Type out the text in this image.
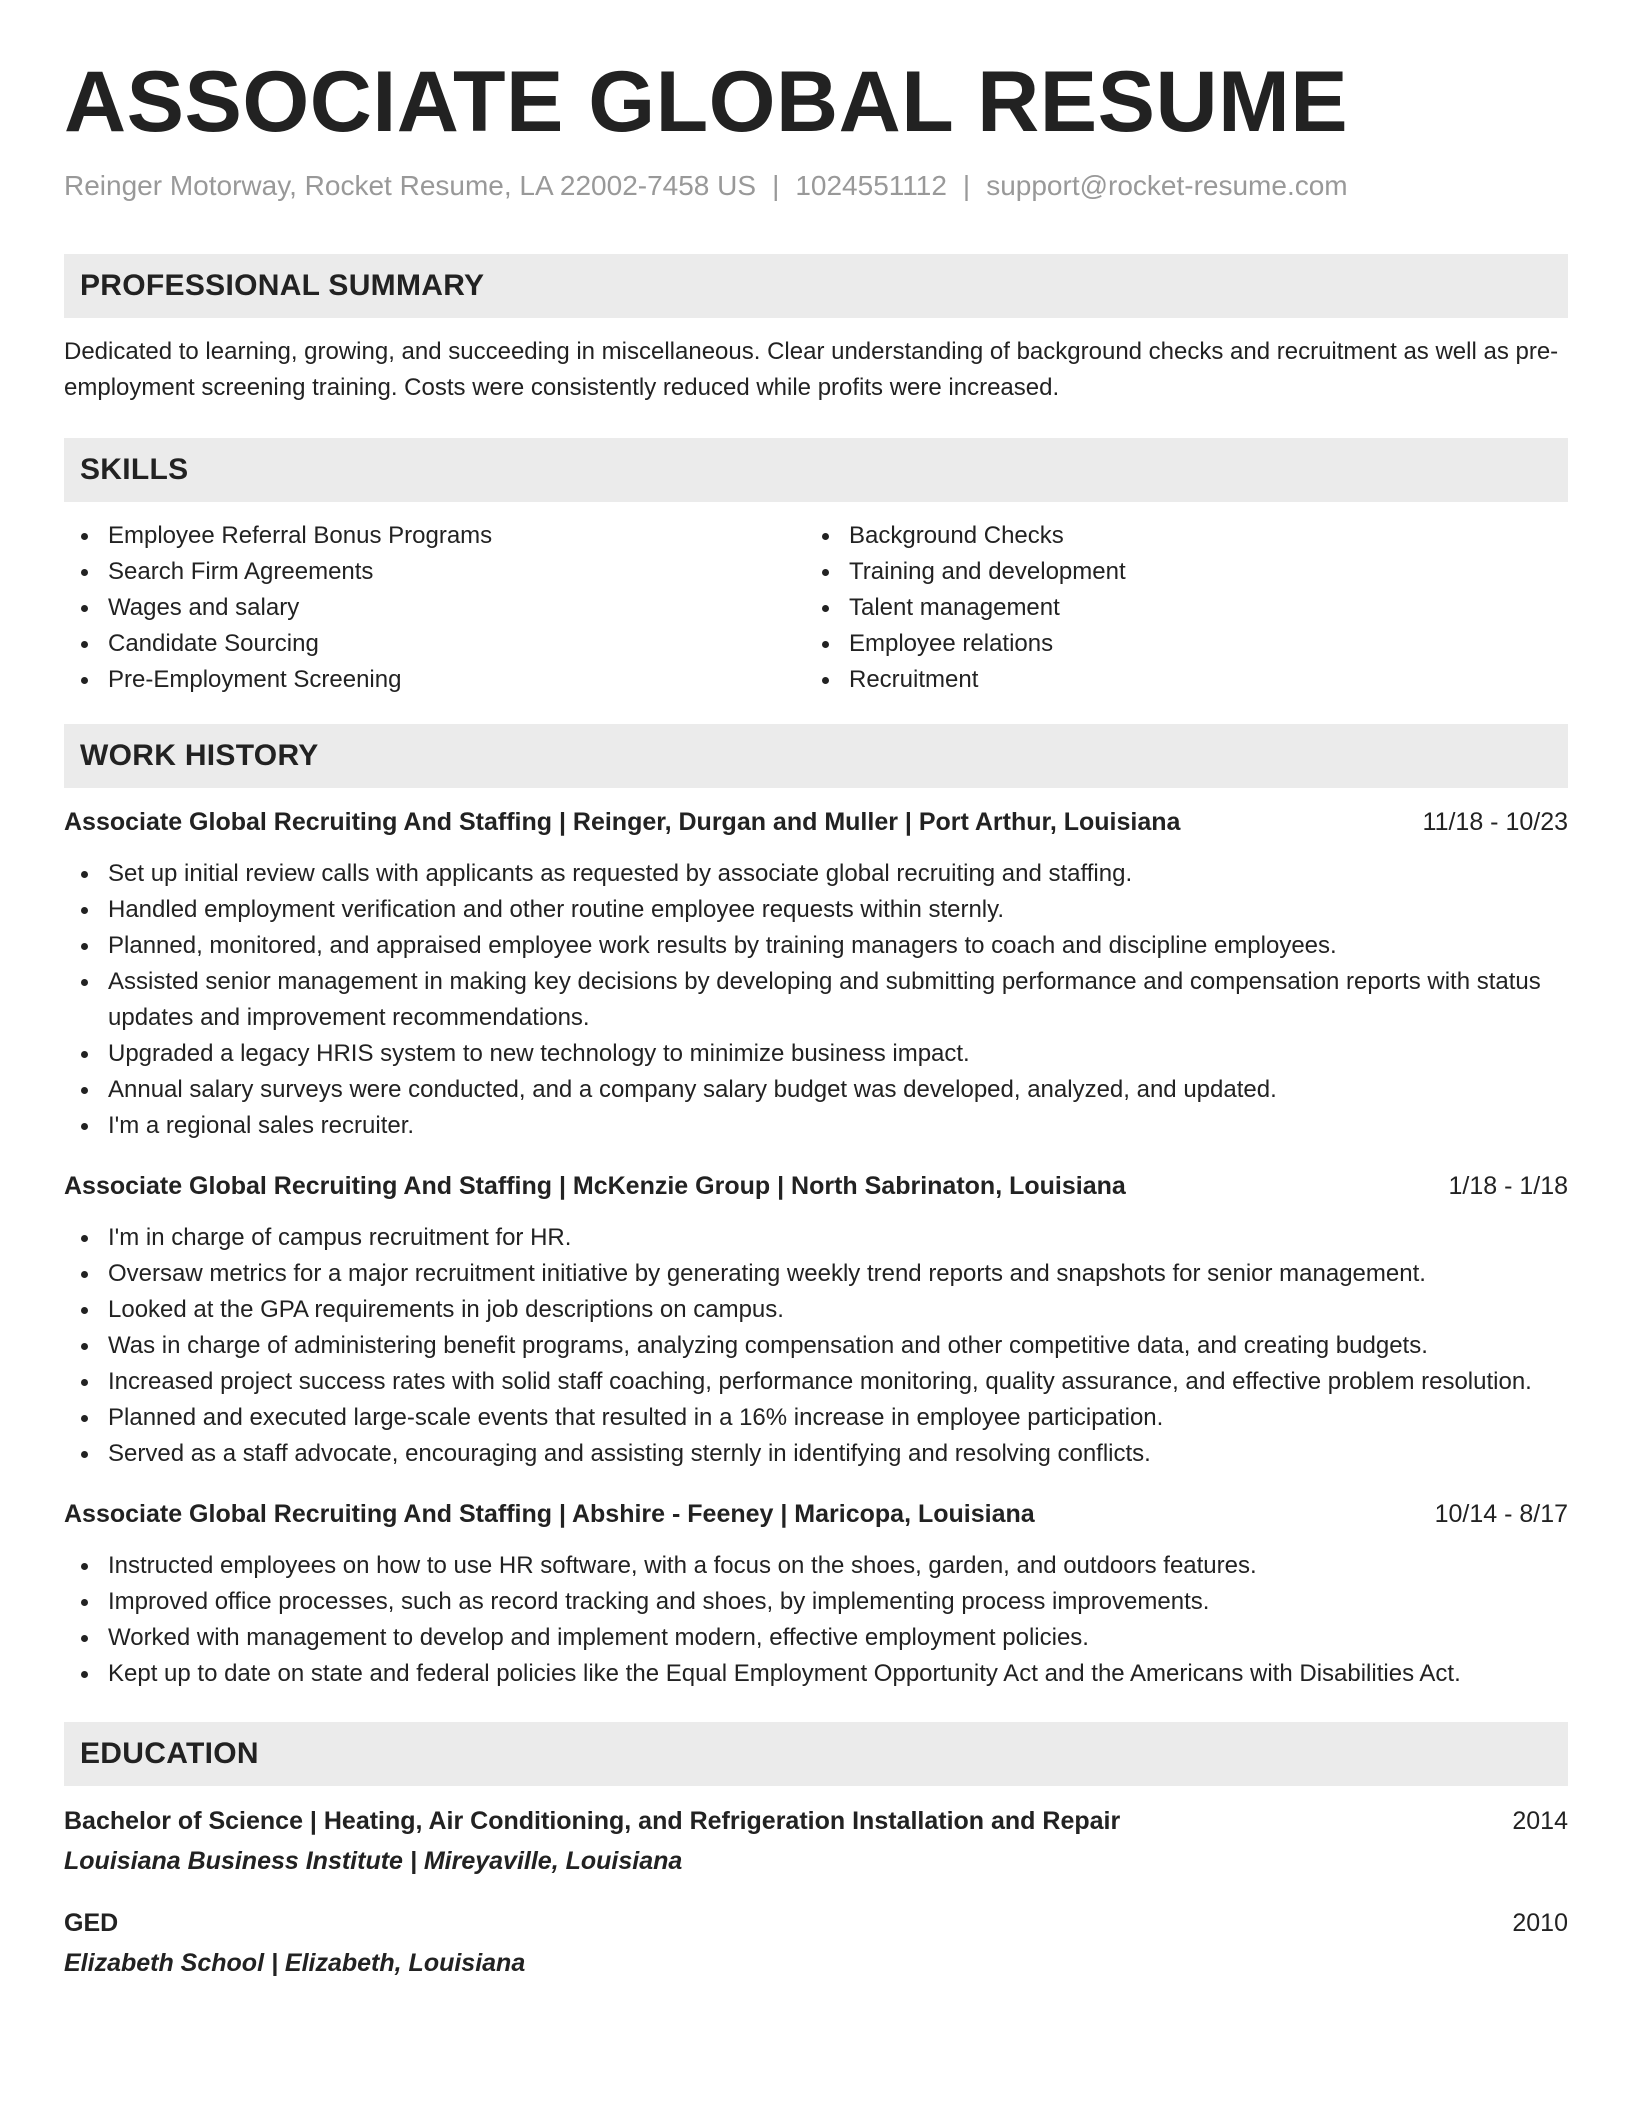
ASSOCIATE GLOBAL RESUME
Reinger Motorway, Rocket Resume, LA 22002-7458 US | 1024551112 | support@rocket-resume.com
PROFESSIONAL SUMMARY

Dedicated to learning, growing, and succeeding in miscellaneous. Clear understanding of background checks and recruitment as well as pre-employment screening training. Costs were consistently reduced while profits were increased.

SKILLS
Employee Referral Bonus Programs
Search Firm Agreements
Wages and salary
Candidate Sourcing
Pre-Employment Screening
Background Checks
Training and development
Talent management
Employee relations
Recruitment
WORK HISTORY
Associate Global Recruiting And Staffing | Reinger, Durgan and Muller | Port Arthur, Louisiana	11/18 - 10/23
Set up initial review calls with applicants as requested by associate global recruiting and staffing.
Handled employment verification and other routine employee requests within sternly.
Planned, monitored, and appraised employee work results by training managers to coach and discipline employees.
Assisted senior management in making key decisions by developing and submitting performance and compensation reports with status updates and improvement recommendations.
Upgraded a legacy HRIS system to new technology to minimize business impact.
Annual salary surveys were conducted, and a company salary budget was developed, analyzed, and updated.
I'm a regional sales recruiter.
Associate Global Recruiting And Staffing | McKenzie Group | North Sabrinaton, Louisiana	1/18 - 1/18
I'm in charge of campus recruitment for HR.
Oversaw metrics for a major recruitment initiative by generating weekly trend reports and snapshots for senior management.
Looked at the GPA requirements in job descriptions on campus.
Was in charge of administering benefit programs, analyzing compensation and other competitive data, and creating budgets.
Increased project success rates with solid staff coaching, performance monitoring, quality assurance, and effective problem resolution.
Planned and executed large-scale events that resulted in a 16% increase in employee participation.
Served as a staff advocate, encouraging and assisting sternly in identifying and resolving conflicts.
Associate Global Recruiting And Staffing | Abshire - Feeney | Maricopa, Louisiana	10/14 - 8/17
Instructed employees on how to use HR software, with a focus on the shoes, garden, and outdoors features.
Improved office processes, such as record tracking and shoes, by implementing process improvements.
Worked with management to develop and implement modern, effective employment policies.
Kept up to date on state and federal policies like the Equal Employment Opportunity Act and the Americans with Disabilities Act.
EDUCATION
Bachelor of Science | Heating, Air Conditioning, and Refrigeration Installation and Repair	2014
Louisiana Business Institute | Mireyaville, Louisiana
GED	2010
Elizabeth School | Elizabeth, Louisiana
